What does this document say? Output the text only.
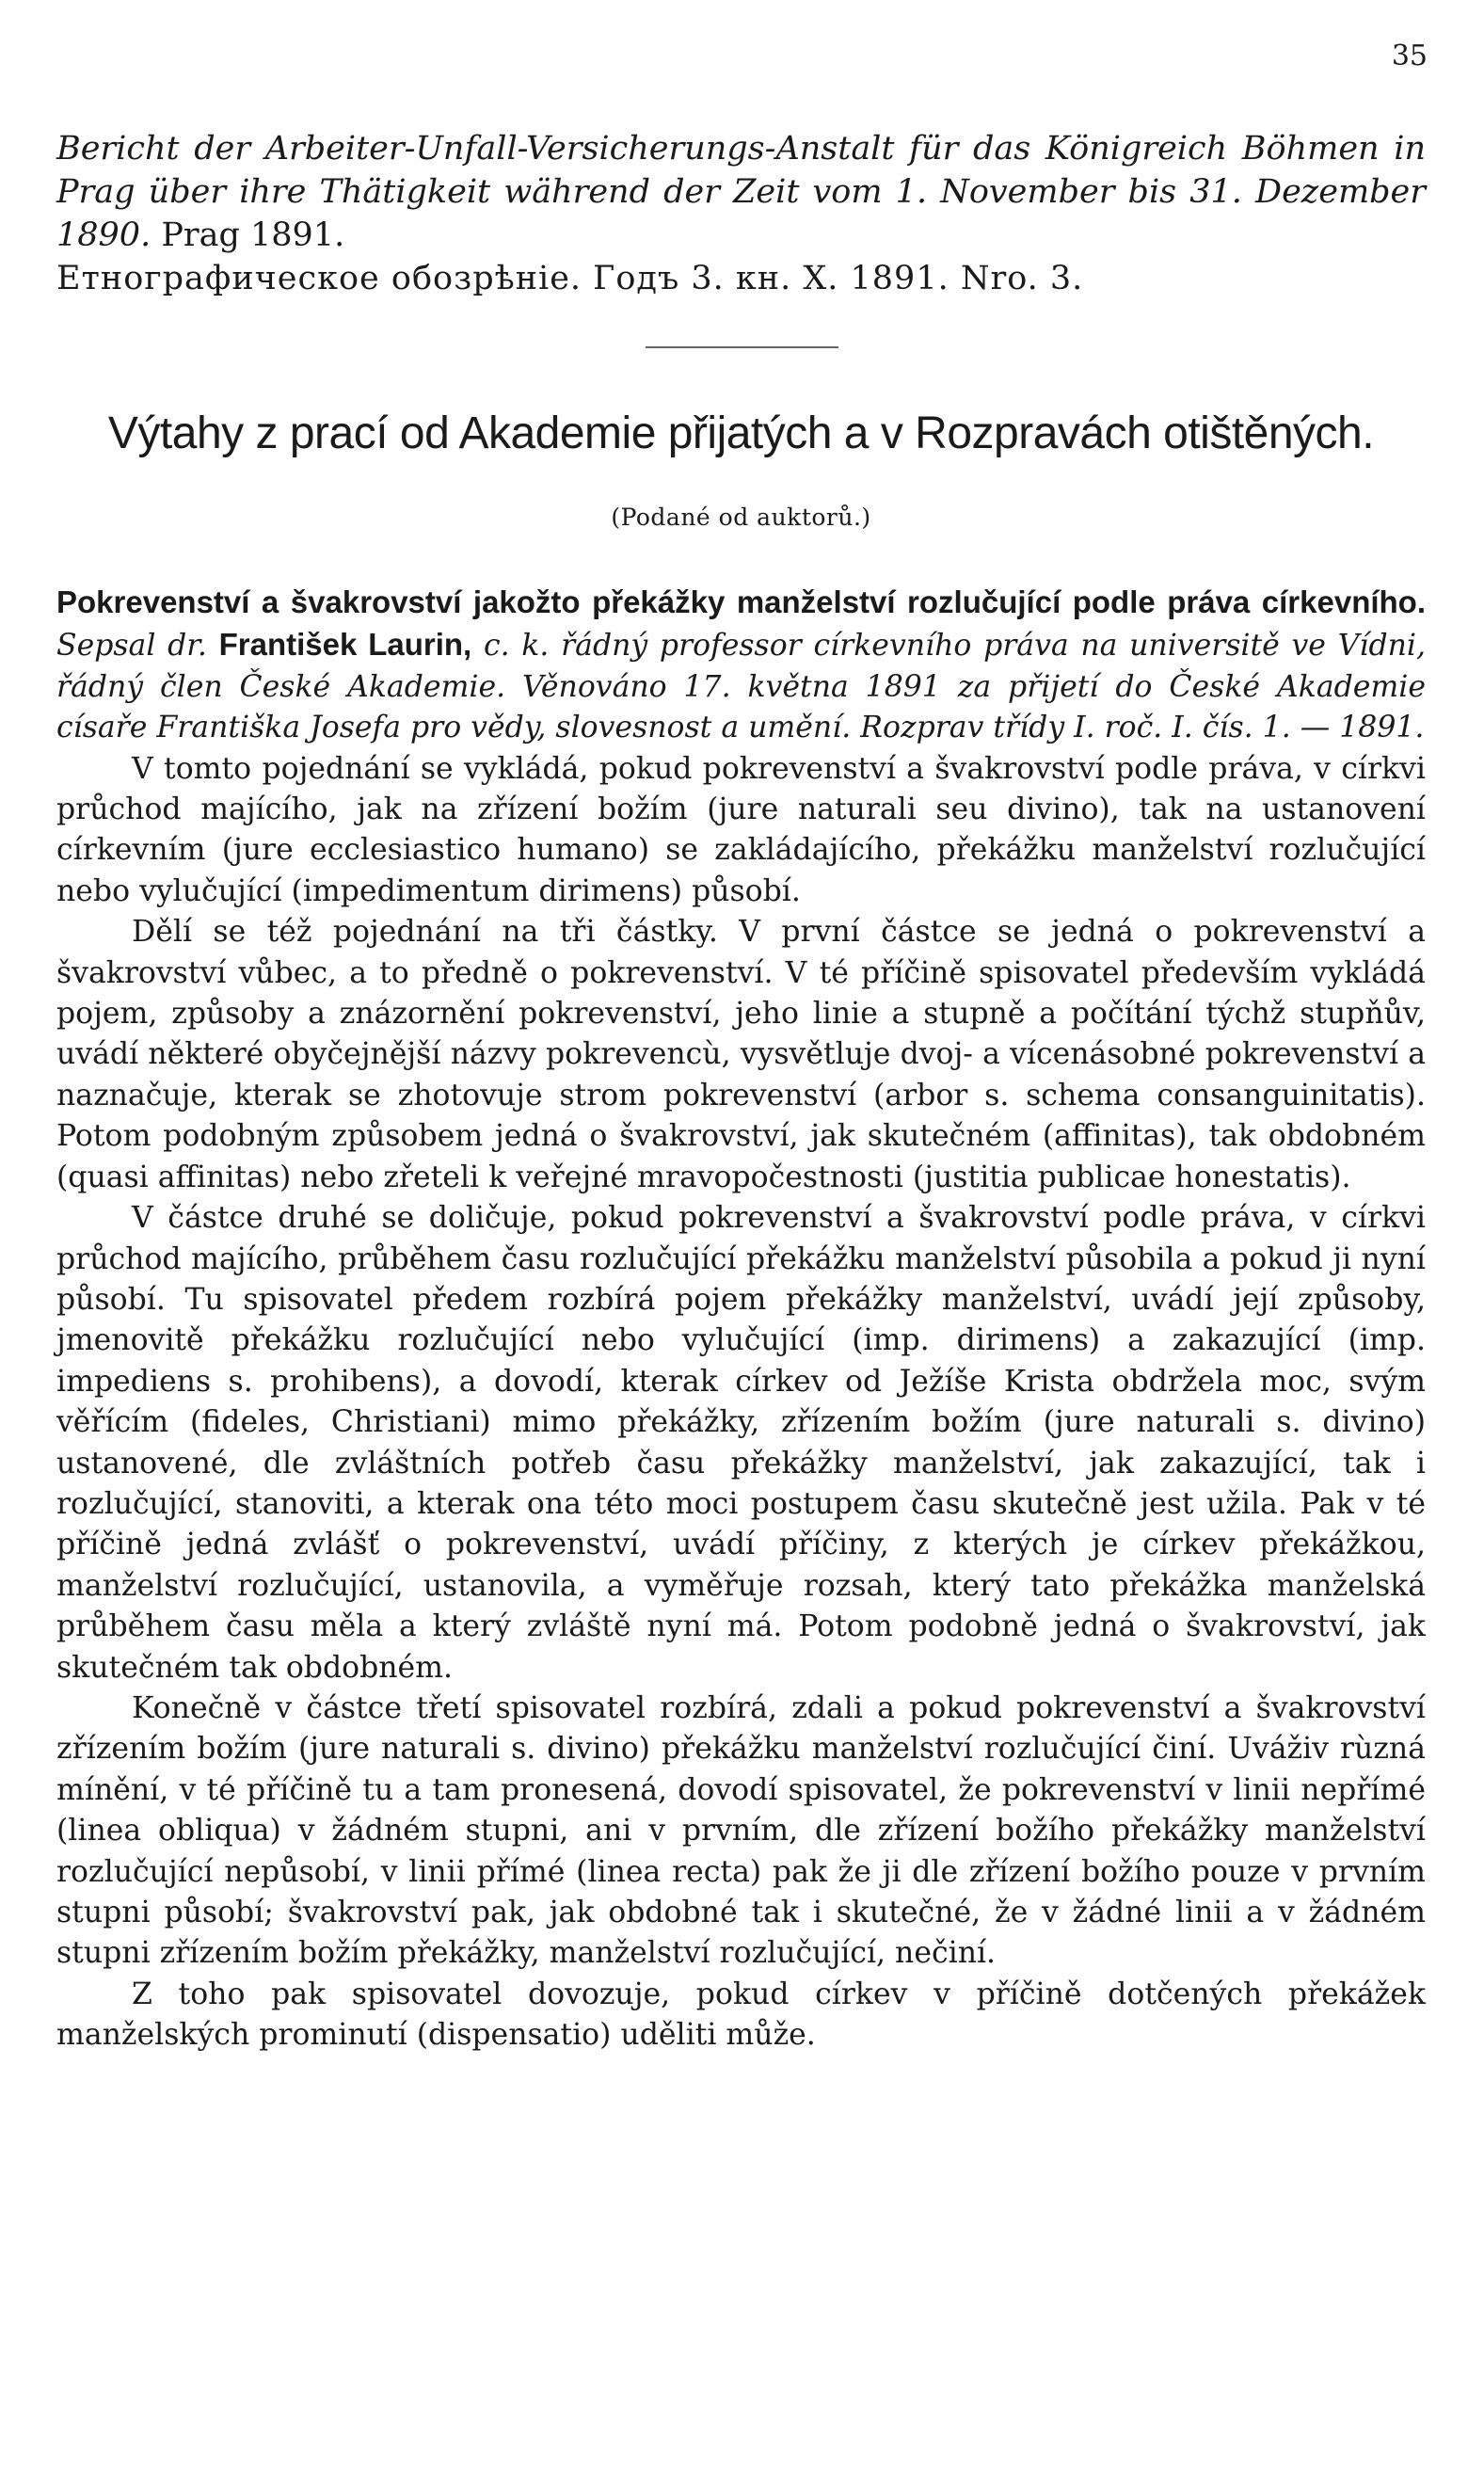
35

Bericht der Arbeiter-Unfall-Versicherungs-Anstalt für das Königreich Böhmen in Prag über ihre Thätigkeit während der Zeit vom 1. November bis 31. Dezember 1890. Prag 1891.

Етнографическое обозрѣніе. Годъ 3. кн. X. 1891. Nro. 3.

Výtahy z prací od Akademie přijatých a v Rozpravách otištěných.
(Podané od auktorů.)

Pokrevenství a švakrovství jakožto překážky manželství rozlučující podle práva církevního. Sepsal dr. František Laurin, c. k. řádný professor církevního práva na universitě ve Vídni, řádný člen České Akademie. Věnováno 17. května 1891 za přijetí do České Akademie císaře Františka Josefa pro vědy, slovesnost a umění. Rozprav třídy I. roč. I. čís. 1. — 1891.

V tomto pojednání se vykládá, pokud pokrevenství a švakrovství podle práva, v církvi průchod majícího, jak na zřízení božím (jure naturali seu divino), tak na ustanovení církevním (jure ecclesiastico humano) se zakládajícího, překážku manželství rozlučující nebo vylučující (impedimentum dirimens) působí.

Dělí se též pojednání na tři částky. V první částce se jedná o pokrevenství a švakrovství vůbec, a to předně o pokrevenství. V té příčině spisovatel především vykládá pojem, způsoby a znázornění pokrevenství, jeho linie a stupně a počítání týchž stupňův, uvádí některé obyčejnější názvy pokrevencù, vysvětluje dvoj- a vícenásobné pokrevenství a naznačuje, kterak se zhotovuje strom pokrevenství (arbor s. schema consanguinitatis). Potom podobným způsobem jedná o švakrovství, jak skutečném (affinitas), tak obdobném (quasi affinitas) nebo zřeteli k veřejné mravopočestnosti (justitia publicae honestatis).

V částce druhé se doličuje, pokud pokrevenství a švakrovství podle práva, v církvi průchod majícího, průběhem času rozlučující překážku manželství působila a pokud ji nyní působí. Tu spisovatel předem rozbírá pojem překážky manželství, uvádí její způsoby, jmenovitě překážku rozlučující nebo vylučující (imp. dirimens) a zakazující (imp. impediens s. prohibens), a dovodí, kterak církev od Ježíše Krista obdržela moc, svým věřícím (fideles, Christiani) mimo překážky, zřízením božím (jure naturali s. divino) ustanovené, dle zvláštních potřeb času překážky manželství, jak zakazující, tak i rozlučující, stanoviti, a kterak ona této moci postupem času skutečně jest užila. Pak v té příčině jedná zvlášť o pokrevenství, uvádí příčiny, z kterých je církev překážkou, manželství rozlučující, ustanovila, a vyměřuje rozsah, který tato překážka manželská průběhem času měla a který zvláště nyní má. Potom podobně jedná o švakrovství, jak skutečném tak obdobném.

Konečně v částce třetí spisovatel rozbírá, zdali a pokud pokrevenství a švakrovství zřízením božím (jure naturali s. divino) překážku manželství rozlučující činí. Uváživ rùzná mínění, v té příčině tu a tam pronesená, dovodí spisovatel, že pokrevenství v linii nepřímé (linea obliqua) v žádném stupni, ani v prvním, dle zřízení božího překážky manželství rozlučující nepůsobí, v linii přímé (linea recta) pak že ji dle zřízení božího pouze v prvním stupni působí; švakrovství pak, jak obdobné tak i skutečné, že v žádné linii a v žádném stupni zřízením božím překážky, manželství rozlučující, nečiní.

Z toho pak spisovatel dovozuje, pokud církev v příčině dotčených překážek manželských prominutí (dispensatio) uděliti může.
